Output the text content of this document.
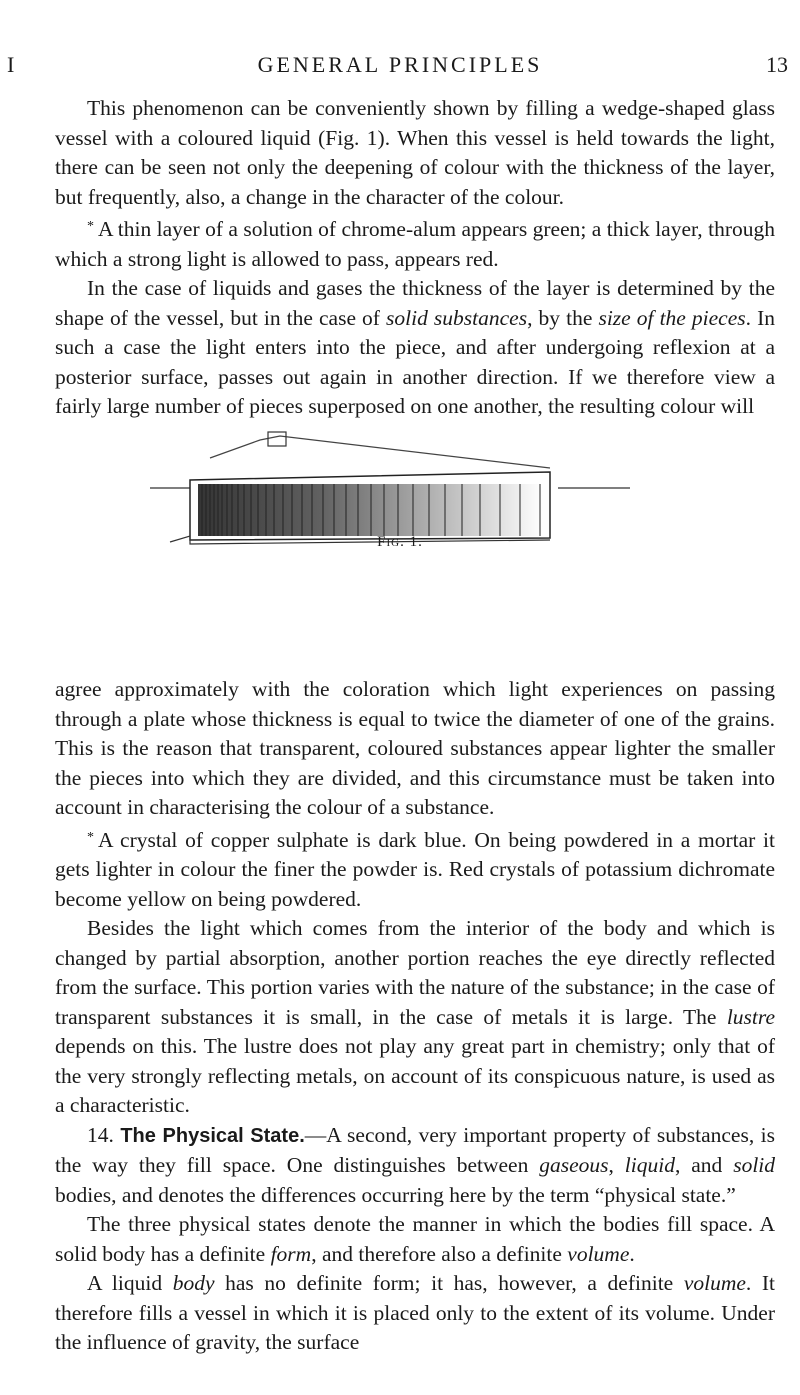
I	GENERAL PRINCIPLES	13

This phenomenon can be conveniently shown by filling a wedge-shaped glass vessel with a coloured liquid (Fig. 1). When this vessel is held towards the light, there can be seen not only the deepening of colour with the thickness of the layer, but frequently, also, a change in the character of the colour.

* A thin layer of a solution of chrome-alum appears green; a thick layer, through which a strong light is allowed to pass, appears red.

In the case of liquids and gases the thickness of the layer is determined by the shape of the vessel, but in the case of solid substances, by the size of the pieces. In such a case the light enters into the piece, and after undergoing reflexion at a posterior surface, passes out again in another direction. If we therefore view a fairly large number of pieces superposed on one another, the resulting colour will

Fig. 1.

agree approximately with the coloration which light experiences on passing through a plate whose thickness is equal to twice the diameter of one of the grains. This is the reason that transparent, coloured substances appear lighter the smaller the pieces into which they are divided, and this circumstance must be taken into account in characterising the colour of a substance.

* A crystal of copper sulphate is dark blue. On being powdered in a mortar it gets lighter in colour the finer the powder is. Red crystals of potassium dichromate become yellow on being powdered.

Besides the light which comes from the interior of the body and which is changed by partial absorption, another portion reaches the eye directly reflected from the surface. This portion varies with the nature of the substance; in the case of transparent substances it is small, in the case of metals it is large. The lustre depends on this. The lustre does not play any great part in chemistry; only that of the very strongly reflecting metals, on account of its conspicuous nature, is used as a characteristic.

14. The Physical State.—A second, very important property of substances, is the way they fill space. One distinguishes between gaseous, liquid, and solid bodies, and denotes the differences occurring here by the term “physical state.”

The three physical states denote the manner in which the bodies fill space. A solid body has a definite form, and therefore also a definite volume.

A liquid body has no definite form; it has, however, a definite volume. It therefore fills a vessel in which it is placed only to the extent of its volume. Under the influence of gravity, the surface
